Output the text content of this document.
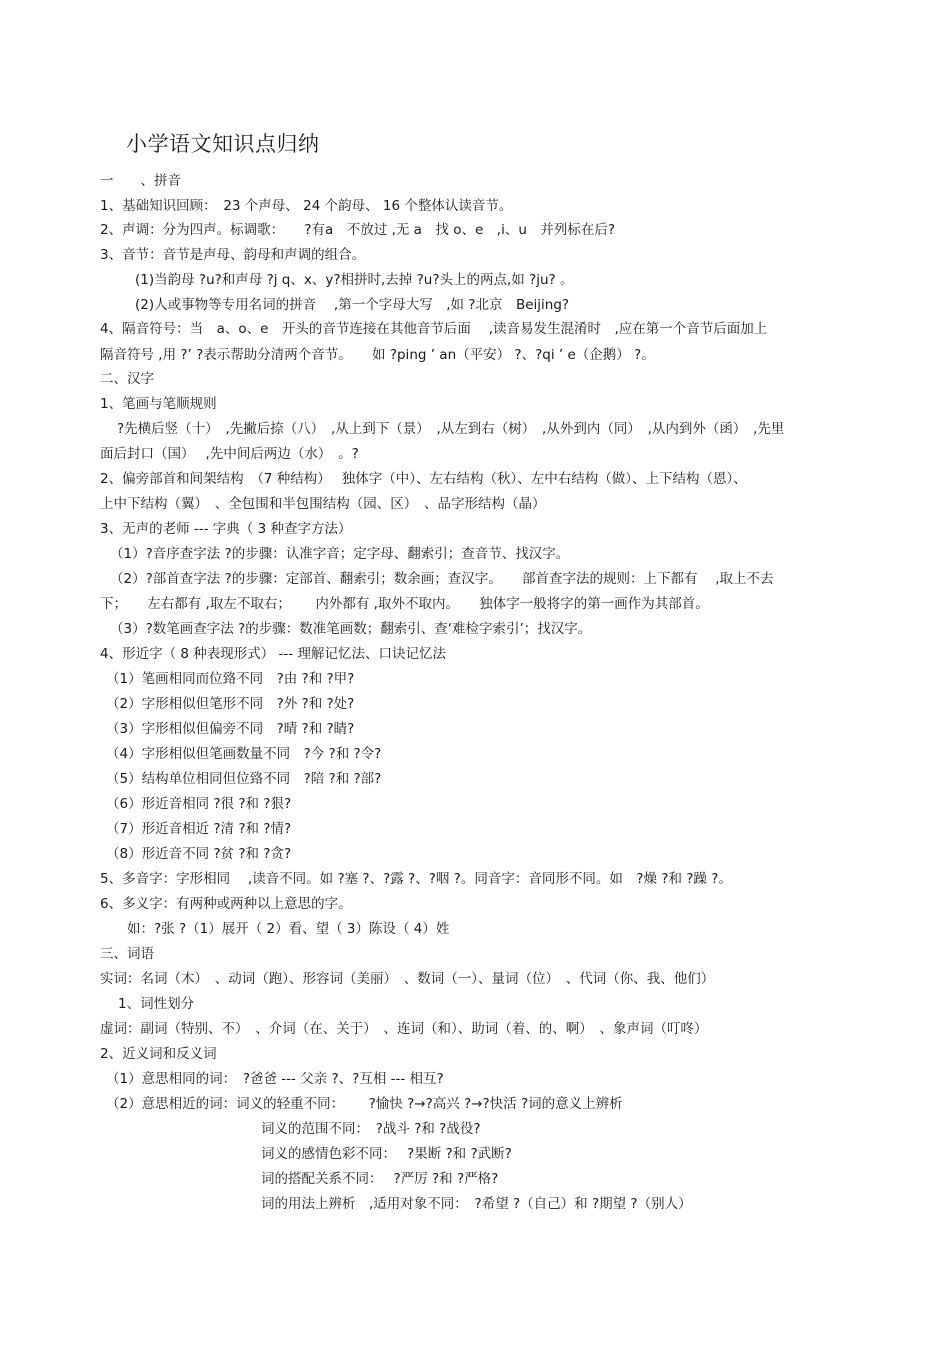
小学语文知识点归纳
一　　、拼音
1、基础知识回顾：　23 个声母、 24 个韵母、 16 个整体认读音节。
2、声调：分为四声。标调歌：　　?有a　不放过 ,无 a　找 o、e　,i、u　并列标在后?
3、音节：音节是声母、韵母和声调的组合。
(1)当韵母 ?u?和声母 ?j q、x、y?相拼时,去掉 ?u?头上的两点,如 ?ju? 。
(2)人或事物等专用名词的拼音　 ,第一个字母大写　,如 ?北京　Beijing?
4、隔音符号：当　a、o、e　开头的音节连接在其他音节后面　 ,读音易发生混淆时　,应在第一个音节后面加上
隔音符号 ,用 ?’ ?表示帮助分清两个音节。　　如 ?ping ’ an（平安） ?、?qi ’ e（企鹅） ?。
二、汉字
1、笔画与笔顺规则
?先横后竖（十）　,先撇后捺（八）　,从上到下（景）　,从左到右（树）　,从外到内（同）　,从内到外（函）　,先里
面后封口（国）　 ,先中间后两边（水）　。?
2、偏旁部首和间架结构　（7 种结构）　 独体字（中）、左右结构（秋）、左中右结构（做）、上下结构（恩）、
上中下结构（翼）　、全包围和半包围结构（园、区）　、品字形结构（晶）
3、无声的老师 --- 字典（ 3 种查字方法）
（1）?音序查字法 ?的步骤：认准字音；定字母、翻索引；查音节、找汉字。
（2）?部首查字法 ?的步骤：定部首、翻索引；数余画；查汉字。　　部首查字法的规则：上下都有　 ,取上不去
下；　　左右都有 ,取左不取右；　　 内外都有 ,取外不取内。　　独体字一般将字的第一画作为其部首。
（3）?数笔画查字法 ?的步骤：数准笔画数；翻索引、查‘难检字索引’；找汉字。
4、形近字（ 8 种表现形式） --- 理解记忆法、口诀记忆法
（1）笔画相同而位臵不同　?由 ?和 ?甲?
（2）字形相似但笔形不同　?外 ?和 ?处?
（3）字形相似但偏旁不同　?晴 ?和 ?睛?
（4）字形相似但笔画数量不同　?今 ?和 ?令?
（5）结构单位相同但位臵不同　?陪 ?和 ?部?
（6）形近音相同 ?很 ?和 ?狠?
（7）形近音相近 ?清 ?和 ?情?
（8）形近音不同 ?贫 ?和 ?贪?
5、多音字：字形相同　 ,读音不同。如 ?塞 ?、?露 ?、?咽 ?。同音字：音同形不同。如　?燥 ?和 ?躁 ?。
6、多义字：有两种或两种以上意思的字。
如：?张 ?（1）展开（ 2）看、望（ 3）陈设（ 4）姓
三、词语
实词：名词（木）　、动词（跑）、形容词（美丽）　、数词（一）、量词（位）　、代词（你、我、他们）
1、词性划分
虚词：副词（特别、不）　、介词（在、关于）　、连词（和）、助词（着、的、啊）　、象声词（叮咚）
2、近义词和反义词
（1）意思相同的词：　?爸爸 --- 父亲 ?、?互相 --- 相互?
（2）意思相近的词：词义的轻重不同：　　 ?愉快 ?→?高兴 ?→?快活 ?词的意义上辨析
词义的范围不同：　?战斗 ?和 ?战役?
词义的感情色彩不同：　 ?果断 ?和 ?武断?
词的搭配关系不同：　 ?严厉 ?和 ?严格?
词的用法上辨析　,适用对象不同：　?希望 ?（自己）和 ?期望 ?（别人）
